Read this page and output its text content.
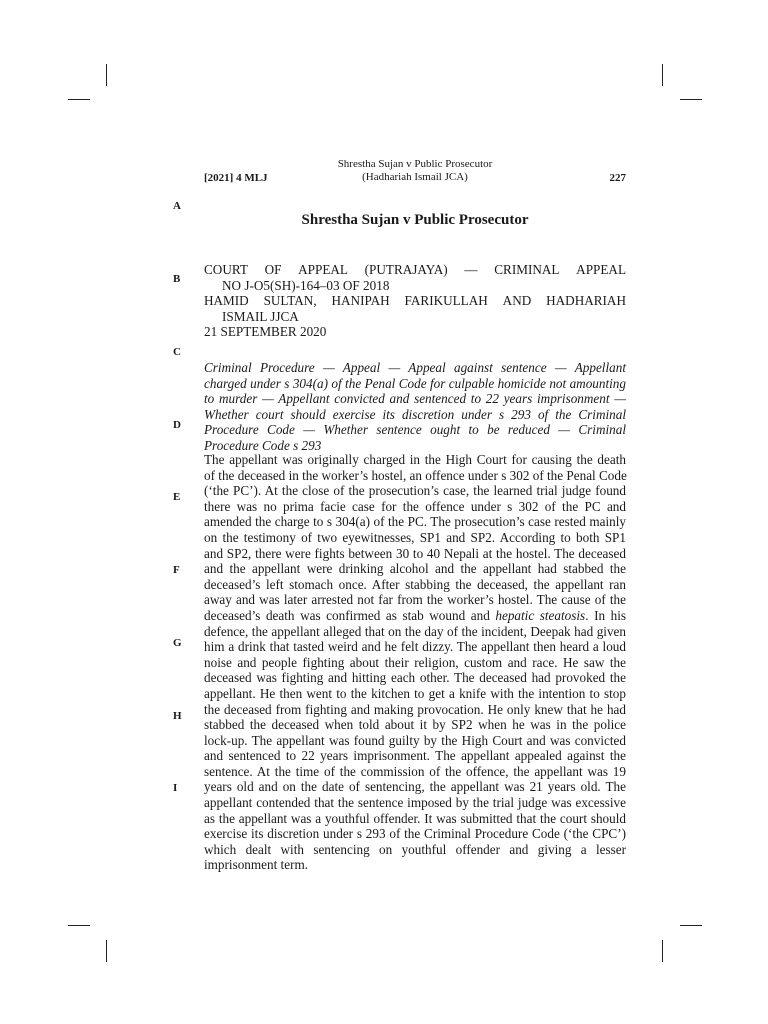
[2021] 4 MLJ
Shrestha Sujan v Public Prosecutor
(Hadhariah Ismail JCA)	227
A
B
C
D
E
F
G
H
I
Shrestha Sujan v Public Prosecutor
COURT OF APPEAL (PUTRAJAYA) — CRIMINAL APPEAL
NO J-O5(SH)-164–03 OF 2018
HAMID SULTAN, HANIPAH FARIKULLAH AND HADHARIAH
ISMAIL JJCA
21 SEPTEMBER 2020
Criminal Procedure — Appeal — Appeal against sentence — Appellant charged under s 304(a) of the Penal Code for culpable homicide not amounting to murder — Appellant convicted and sentenced to 22 years imprisonment — Whether court should exercise its discretion under s 293 of the Criminal Procedure Code — Whether sentence ought to be reduced — Criminal Procedure Code s 293
The appellant was originally charged in the High Court for causing the death
of the deceased in the worker’s hostel, an offence under s 302 of the Penal Code
(‘the PC’). At the close of the prosecution’s case, the learned trial judge found
there was no prima facie case for the offence under s 302 of the PC and
amended the charge to s 304(a) of the PC. The prosecution’s case rested mainly
on the testimony of two eyewitnesses, SP1 and SP2. According to both SP1
and SP2, there were fights between 30 to 40 Nepali at the hostel. The deceased
and the appellant were drinking alcohol and the appellant had stabbed the
deceased’s left stomach once. After stabbing the deceased, the appellant ran
away and was later arrested not far from the worker’s hostel. The cause of the
deceased’s death was confirmed as stab wound and hepatic steatosis. In his
defence, the appellant alleged that on the day of the incident, Deepak had given
him a drink that tasted weird and he felt dizzy. The appellant then heard a loud
noise and people fighting about their religion, custom and race. He saw the
deceased was fighting and hitting each other. The deceased had provoked the
appellant. He then went to the kitchen to get a knife with the intention to stop
the deceased from fighting and making provocation. He only knew that he had
stabbed the deceased when told about it by SP2 when he was in the police
lock-up. The appellant was found guilty by the High Court and was convicted
and sentenced to 22 years imprisonment. The appellant appealed against the
sentence. At the time of the commission of the offence, the appellant was 19
years old and on the date of sentencing, the appellant was 21 years old. The
appellant contended that the sentence imposed by the trial judge was excessive
as the appellant was a youthful offender. It was submitted that the court should
exercise its discretion under s 293 of the Criminal Procedure Code (‘the CPC’)
which dealt with sentencing on youthful offender and giving a lesser
imprisonment term.
